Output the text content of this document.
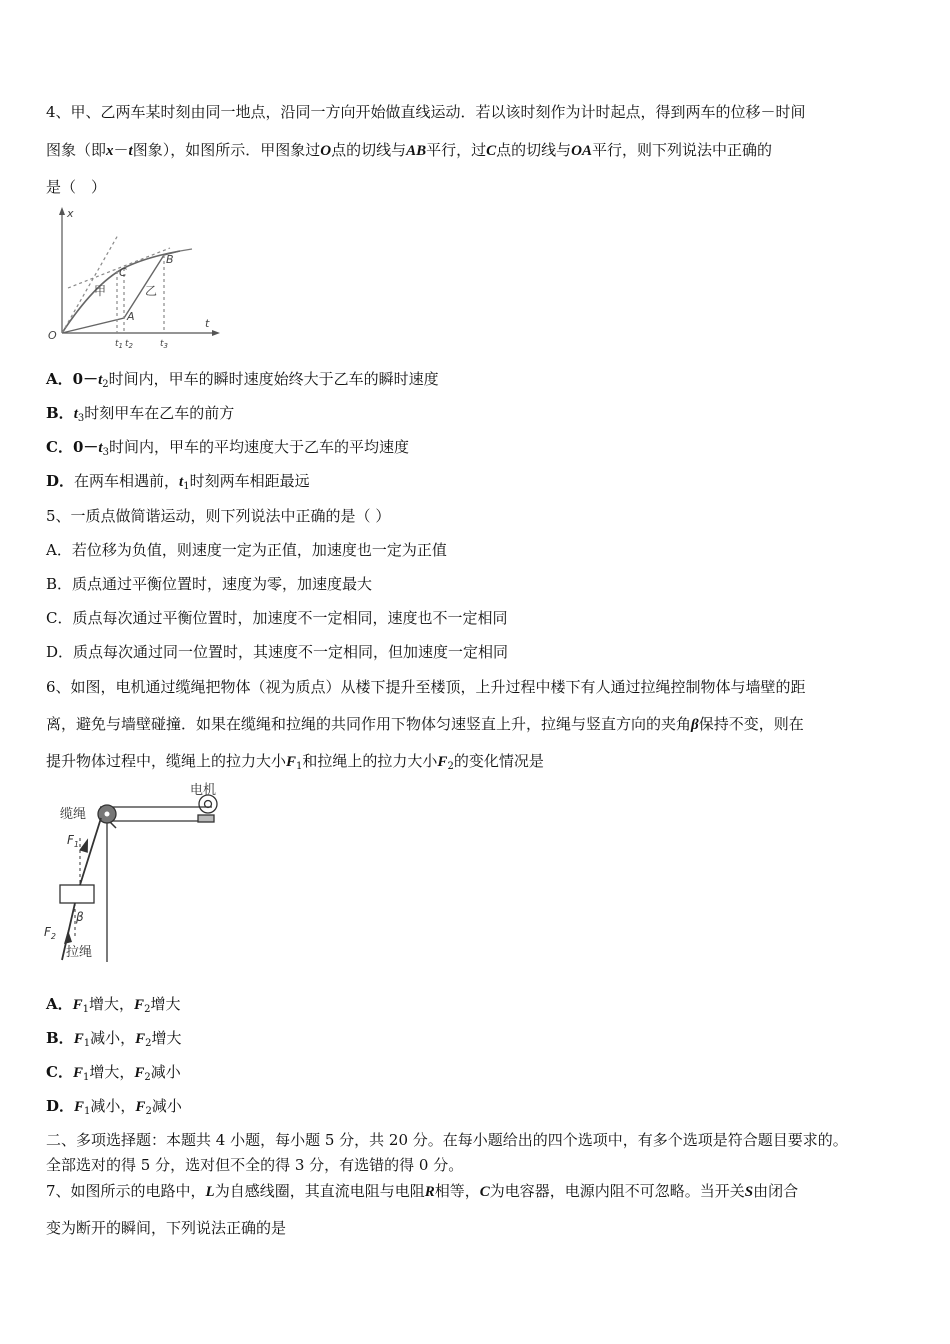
4、甲、乙两车某时刻由同一地点，沿同一方向开始做直线运动．若以该时刻作为计时起点，得到两车的位移－时间
图象（即x－t图象），如图所示．甲图象过O点的切线与AB平行，过C点的切线与OA平行，则下列说法中正确的
是（　）
x
t
O
A
B
C
$t_1$ $t_2$	$t_3$
甲	乙
A．$0-t_2$时间内，甲车的瞬时速度始终大于乙车的瞬时速度
B．$t_3$时刻甲车在乙车的前方
C．$0-t_3$时间内，甲车的平均速度大于乙车的平均速度
D．在两车相遇前，$t_1$时刻两车相距最远
5、一质点做简谐运动，则下列说法中正确的是（ ）
A．若位移为负值，则速度一定为正值，加速度也一定为正值
B．质点通过平衡位置时，速度为零，加速度最大
C．质点每次通过平衡位置时，加速度不一定相同，速度也不一定相同
D．质点每次通过同一位置时，其速度不一定相同，但加速度一定相同
6、如图，电机通过缆绳把物体（视为质点）从楼下提升至楼顶，上升过程中楼下有人通过拉绳控制物体与墙壁的距
离，避免与墙壁碰撞．如果在缆绳和拉绳的共同作用下物体匀速竖直上升，拉绳与竖直方向的夹角β保持不变，则在
提升物体过程中，缆绳上的拉力大小$F_1$和拉绳上的拉力大小$F_2$的变化情况是
电机
缆绳
拉绳
$F_1$
$F_2$
β
A．$F_1$增大，$F_2$增大
B．$F_1$减小，$F_2$增大
C．$F_1$增大，$F_2$减小
D．$F_1$减小，$F_2$减小
二、多项选择题：本题共 4 小题，每小题 5 分，共 20 分。在每小题给出的四个选项中，有多个选项是符合题目要求的。
全部选对的得 5 分，选对但不全的得 3 分，有选错的得 0 分。
7、如图所示的电路中，L为自感线圈，其直流电阻与电阻R相等，C为电容器，电源内阻不可忽略。当开关S由闭合
变为断开的瞬间，下列说法正确的是
